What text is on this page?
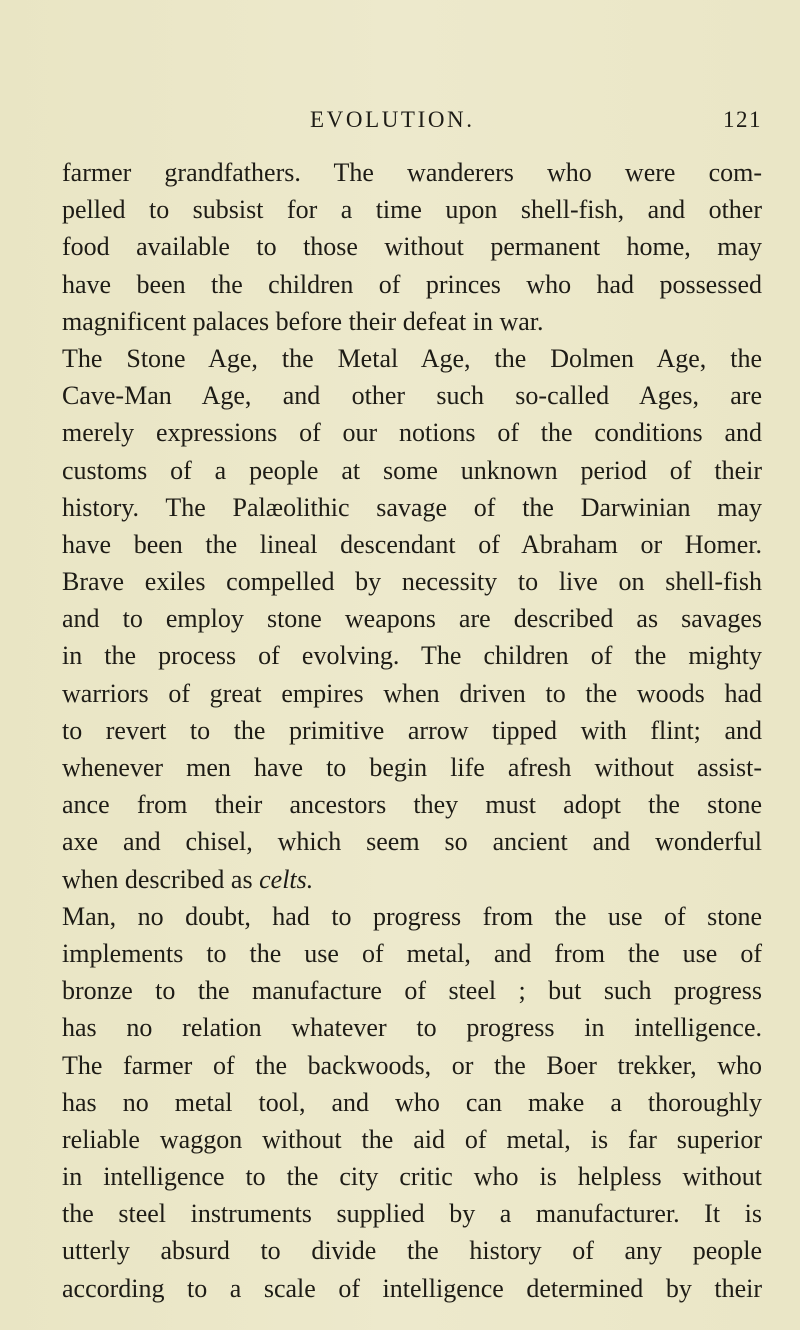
EVOLUTION.	121
farmer grandfathers. The wanderers who were com-
pelled to subsist for a time upon shell-fish, and other
food available to those without permanent home, may
have been the children of princes who had possessed
magnificent palaces before their defeat in war.
The Stone Age, the Metal Age, the Dolmen Age, the
Cave-Man Age, and other such so-called Ages, are
merely expressions of our notions of the conditions and
customs of a people at some unknown period of their
history. The Palæolithic savage of the Darwinian may
have been the lineal descendant of Abraham or Homer.
Brave exiles compelled by necessity to live on shell-fish
and to employ stone weapons are described as savages
in the process of evolving. The children of the mighty
warriors of great empires when driven to the woods had
to revert to the primitive arrow tipped with flint; and
whenever men have to begin life afresh without assist-
ance from their ancestors they must adopt the stone
axe and chisel, which seem so ancient and wonderful
when described as celts.
Man, no doubt, had to progress from the use of stone
implements to the use of metal, and from the use of
bronze to the manufacture of steel ; but such progress
has no relation whatever to progress in intelligence.
The farmer of the backwoods, or the Boer trekker, who
has no metal tool, and who can make a thoroughly
reliable waggon without the aid of metal, is far superior
in intelligence to the city critic who is helpless without
the steel instruments supplied by a manufacturer. It is
utterly absurd to divide the history of any people
according to a scale of intelligence determined by their
